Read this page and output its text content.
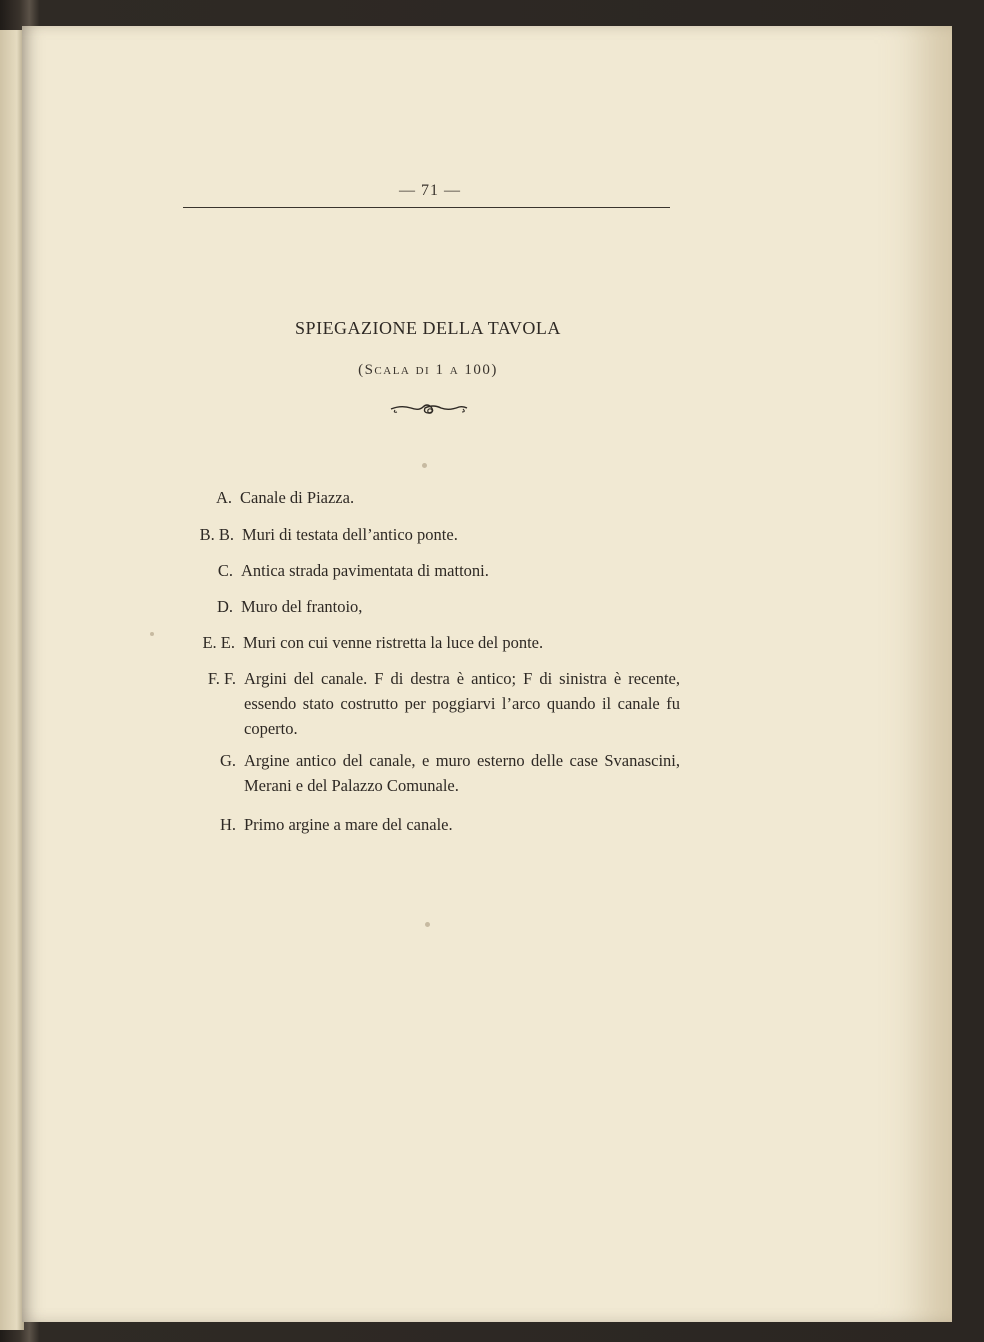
— 71 —
SPIEGAZIONE DELLA TAVOLA
(Scala di 1 a 100)
A. Canale di Piazza.
B. B. Muri di testata dell’antico ponte.
C. Antica strada pavimentata di mattoni.
D. Muro del frantoio,
E. E. Muri con cui venne ristretta la luce del ponte.
F. F. Argini del canale. F di destra è antico; F di sinistra è recente, essendo stato costrutto per poggiarvi l’arco quando il canale fu coperto.
G. Argine antico del canale, e muro esterno delle case Svanascini, Merani e del Palazzo Comunale.
H. Primo argine a mare del canale.
